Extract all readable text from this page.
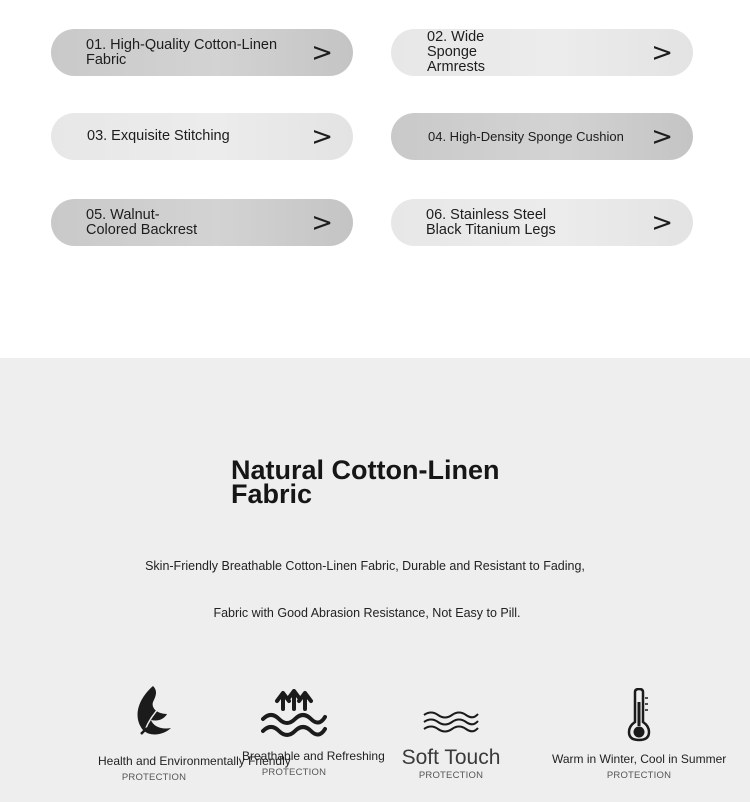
01. High-Quality Cotton-Linen Fabric	>
02. Wide Sponge Armrests	>
03. Exquisite Stitching	>	04. High-Density Sponge Cushion	>
05. Walnut-Colored Backrest	>	06. Stainless Steel Black Titanium Legs	>
Natural Cotton-Linen Fabric

Skin-Friendly Breathable Cotton-Linen Fabric, Durable and Resistant to Fading,

Fabric with Good Abrasion Resistance, Not Easy to Pill.

Health and Environmentally Friendly
PROTECTION
Breathable and Refreshing
PROTECTION
Soft Touch
PROTECTION
Warm in Winter, Cool in Summer
PROTECTION
